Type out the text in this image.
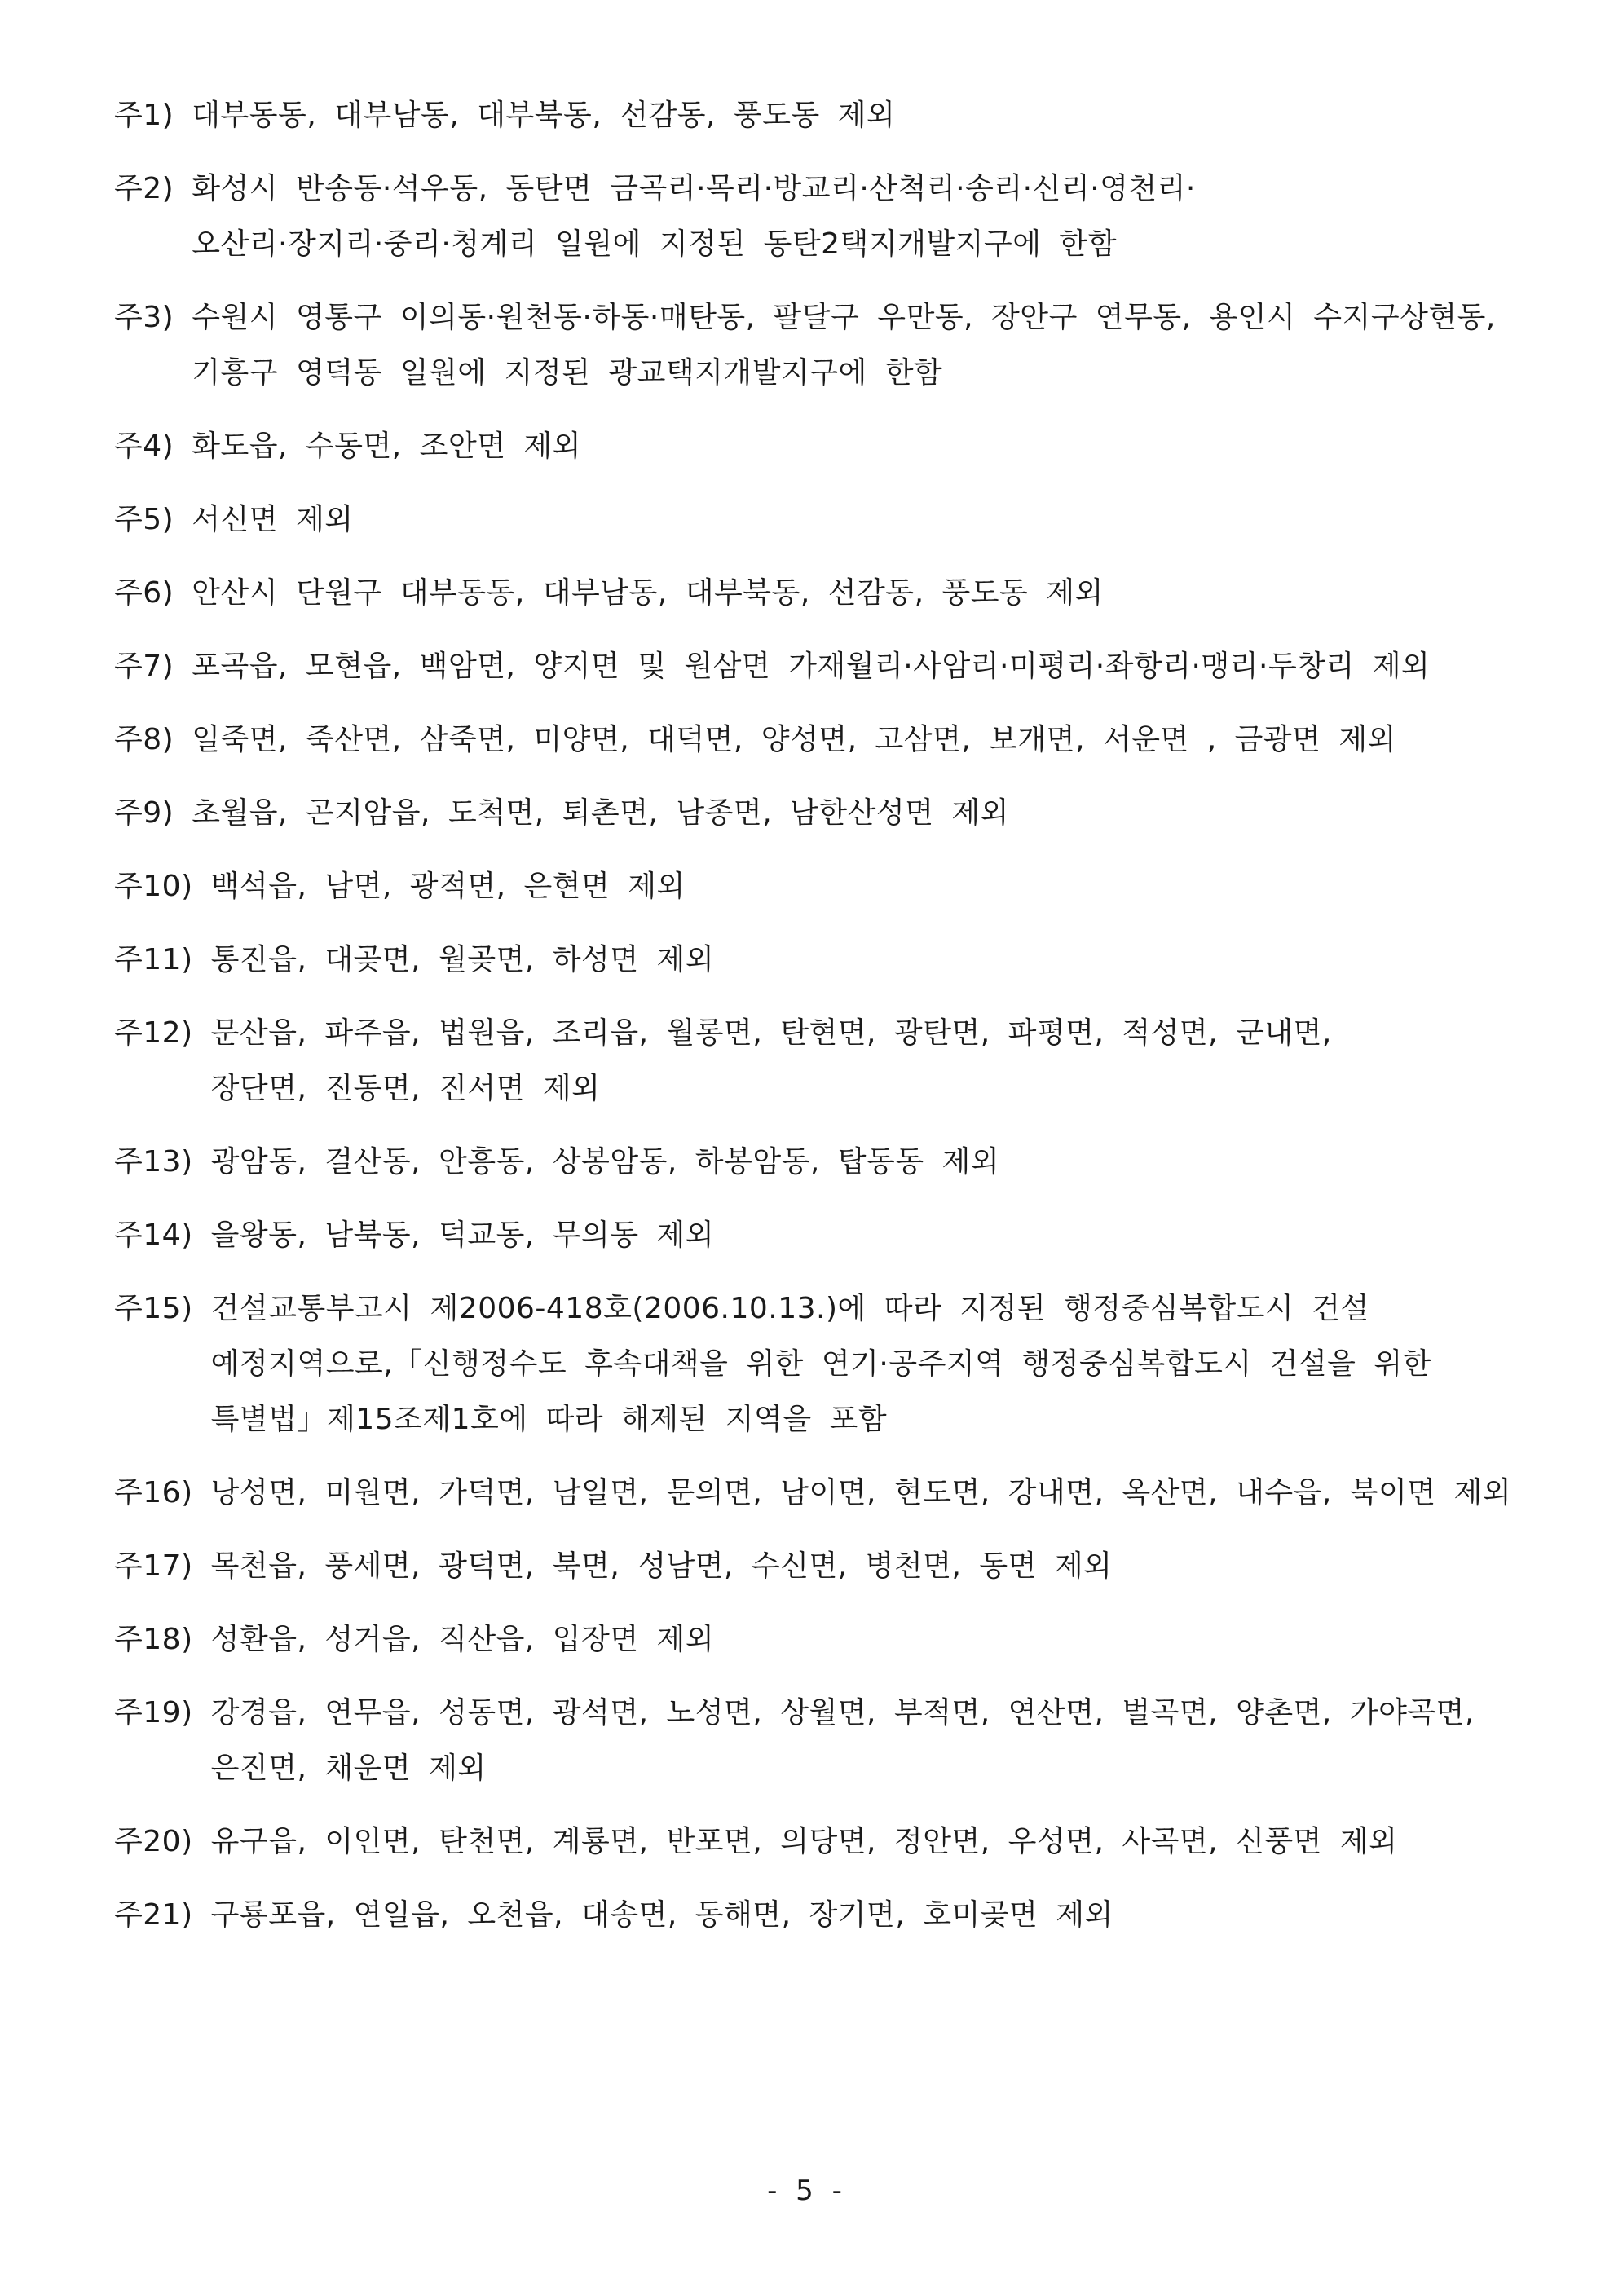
주1) 대부동동, 대부남동, 대부북동, 선감동, 풍도동 제외
주2) 화성시 반송동·석우동, 동탄면 금곡리·목리·방교리·산척리·송리·신리·영천리·
오산리·장지리·중리·청계리 일원에 지정된 동탄2택지개발지구에 한함
주3) 수원시 영통구 이의동·원천동·하동·매탄동, 팔달구 우만동, 장안구 연무동, 용인시 수지구상현동,
기흥구 영덕동 일원에 지정된 광교택지개발지구에 한함
주4) 화도읍, 수동면, 조안면 제외
주5) 서신면 제외
주6) 안산시 단원구 대부동동, 대부남동, 대부북동, 선감동, 풍도동 제외
주7) 포곡읍, 모현읍, 백암면, 양지면 및 원삼면 가재월리·사암리·미평리·좌항리·맹리·두창리 제외
주8) 일죽면, 죽산면, 삼죽면, 미양면, 대덕면, 양성면, 고삼면, 보개면, 서운면 , 금광면 제외
주9) 초월읍, 곤지암읍, 도척면, 퇴촌면, 남종면, 남한산성면 제외
주10) 백석읍, 남면, 광적면, 은현면 제외
주11) 통진읍, 대곶면, 월곶면, 하성면 제외
주12) 문산읍, 파주읍, 법원읍, 조리읍, 월롱면, 탄현면, 광탄면, 파평면, 적성면, 군내면,
장단면, 진동면, 진서면 제외
주13) 광암동, 걸산동, 안흥동, 상봉암동, 하봉암동, 탑동동 제외
주14) 을왕동, 남북동, 덕교동, 무의동 제외
주15) 건설교통부고시 제2006-418호(2006.10.13.)에 따라 지정된 행정중심복합도시 건설
예정지역으로,「신행정수도 후속대책을 위한 연기·공주지역 행정중심복합도시 건설을 위한
특별법」제15조제1호에 따라 해제된 지역을 포함
주16) 낭성면, 미원면, 가덕면, 남일면, 문의면, 남이면, 현도면, 강내면, 옥산면, 내수읍, 북이면 제외
주17) 목천읍, 풍세면, 광덕면, 북면, 성남면, 수신면, 병천면, 동면 제외
주18) 성환읍, 성거읍, 직산읍, 입장면 제외
주19) 강경읍, 연무읍, 성동면, 광석면, 노성면, 상월면, 부적면, 연산면, 벌곡면, 양촌면, 가야곡면,
은진면, 채운면 제외
주20) 유구읍, 이인면, 탄천면, 계룡면, 반포면, 의당면, 정안면, 우성면, 사곡면, 신풍면 제외
주21) 구룡포읍, 연일읍, 오천읍, 대송면, 동해면, 장기면, 호미곶면 제외
- 5 -
